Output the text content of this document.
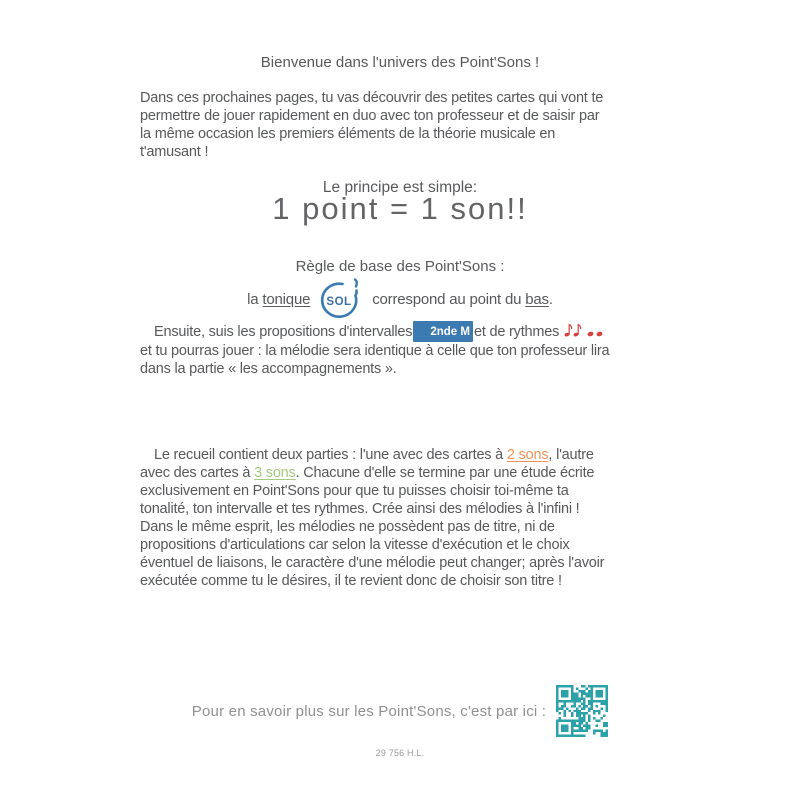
Bienvenue dans l'univers des Point'Sons !
Dans ces prochaines pages, tu vas découvrir des petites cartes qui vont te
permettre de jouer rapidement en duo avec ton professeur et de saisir par
la même occasion les premiers éléments de la théorie musicale en
t'amusant !
Le principe est simple:
1 point = 1 son!!
Règle de base des Point'Sons :
la tonique SOL correspond au point du bas.
Ensuite, suis les propositions d'intervalles 2nde M et de rythmes
et tu pourras jouer : la mélodie sera identique à celle que ton professeur lira
dans la partie « les accompagnements ».
Le recueil contient deux parties : l'une avec des cartes à 2 sons, l'autre
avec des cartes à 3 sons. Chacune d'elle se termine par une étude écrite
exclusivement en Point'Sons pour que tu puisses choisir toi-même ta
tonalité, ton intervalle et tes rythmes. Crée ainsi des mélodies à l'infini !
Dans le même esprit, les mélodies ne possèdent pas de titre, ni de
propositions d'articulations car selon la vitesse d'exécution et le choix
éventuel de liaisons, le caractère d'une mélodie peut changer; après l'avoir
exécutée comme tu le désires, il te revient donc de choisir son titre !
Pour en savoir plus sur les Point'Sons, c'est par ici :
29 756 H.L.
